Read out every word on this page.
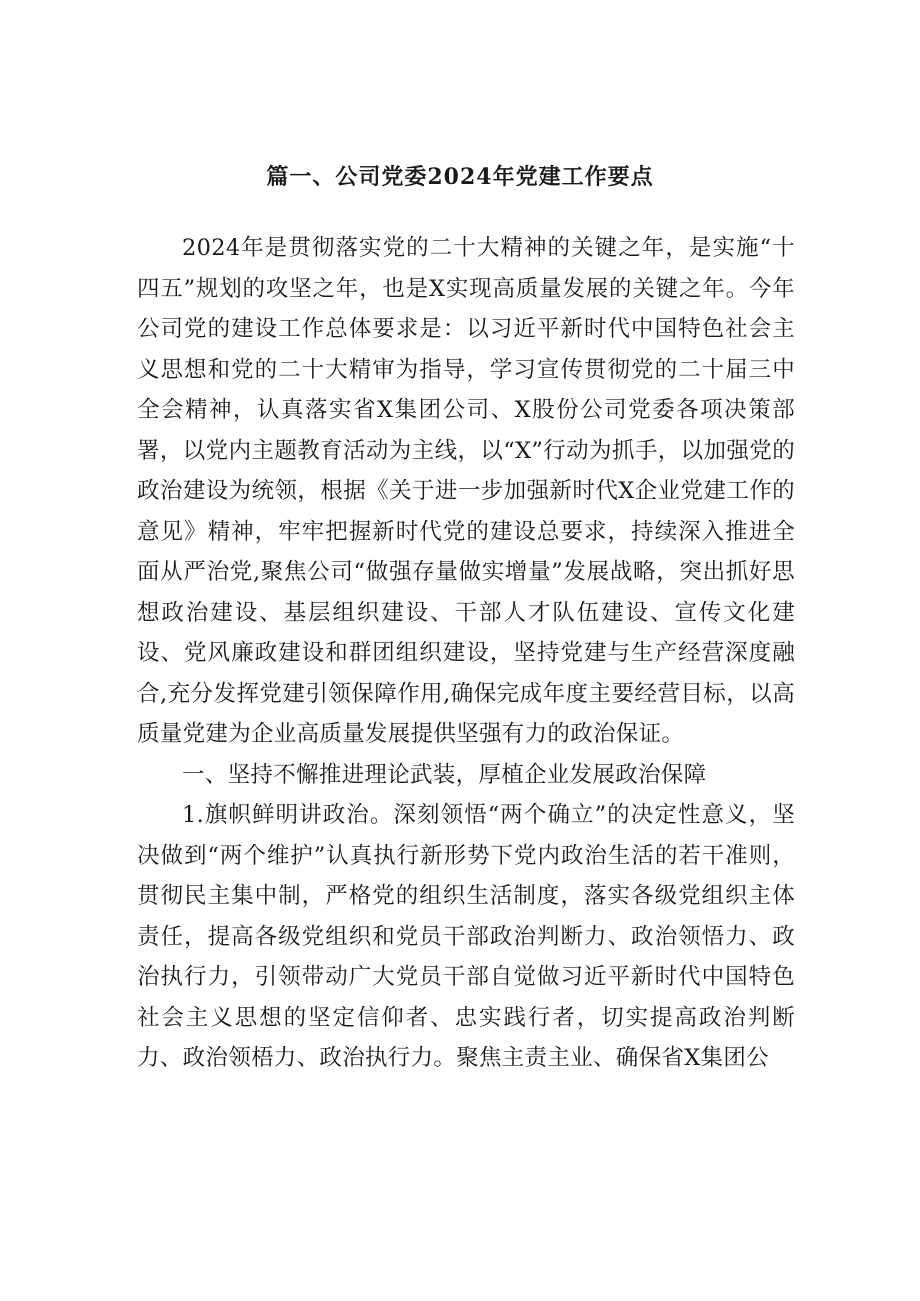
篇一、公司党委2024年党建工作要点

2024年是贯彻落实党的二十大精神的关键之年，是实施“十四五”规划的攻坚之年，也是X实现高质量发展的关键之年。今年公司党的建设工作总体要求是：以习近平新时代中国特色社会主义思想和党的二十大精审为指导，学习宣传贯彻党的二十届三中全会精神，认真落实省X集团公司、X股份公司党委各项决策部署，以党内主题教育活动为主线，以“X”行动为抓手，以加强党的政治建设为统领，根据《关于进一步加强新时代X企业党建工作的意见》精神，牢牢把握新时代党的建设总要求，持续深入推进全面从严治党,聚焦公司“做强存量做实增量”发展战略，突出抓好思想政治建设、基层组织建设、干部人才队伍建设、宣传文化建设、党风廉政建设和群团组织建设，坚持党建与生产经营深度融合,充分发挥党建引领保障作用,确保完成年度主要经营目标，以高质量党建为企业高质量发展提供坚强有力的政治保证。

一、坚持不懈推进理论武装，厚植企业发展政治保障

1.旗帜鲜明讲政治。深刻领悟“两个确立”的决定性意义，坚决做到“两个维护”认真执行新形势下党内政治生活的若干准则，贯彻民主集中制，严格党的组织生活制度，落实各级党组织主体责任，提高各级党组织和党员干部政治判断力、政治领悟力、政治执行力，引领带动广大党员干部自觉做习近平新时代中国特色社会主义思想的坚定信仰者、忠实践行者，切实提高政治判断力、政治领梧力、政治执行力。聚焦主责主业、确保省X集团公
